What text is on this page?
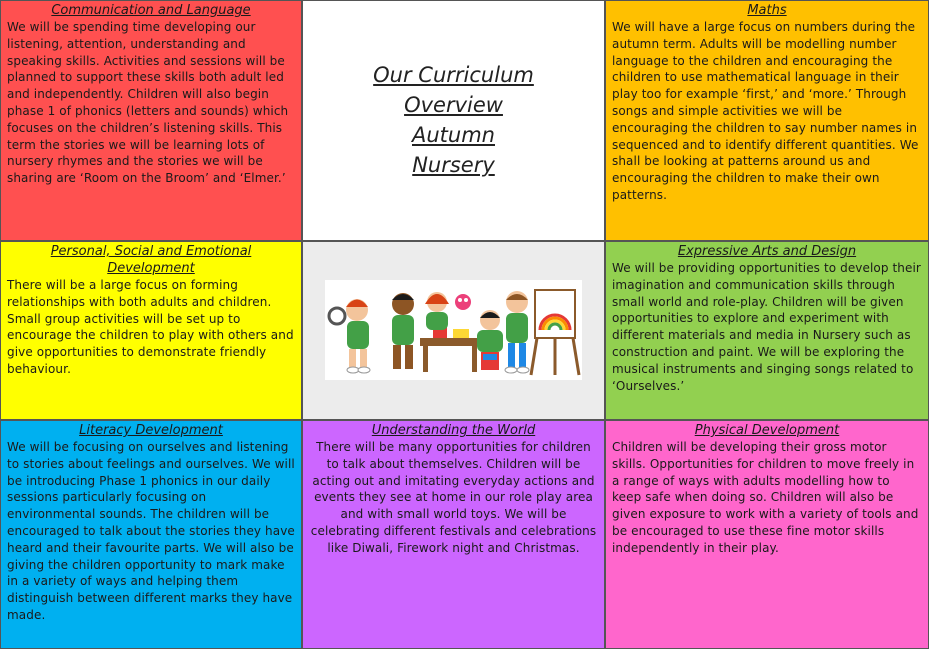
Communication and Language

We will be spending time developing our listening, attention, understanding and speaking skills. Activities and sessions will be planned to support these skills both adult led and independently. Children will also begin phase 1 of phonics (letters and sounds) which focuses on the children’s listening skills. This term the stories we will be learning lots of nursery rhymes and the stories we will be sharing are ‘Room on the Broom’ and ‘Elmer.’

Our Curriculum
Overview
Autumn
Nursery
Maths

We will have a large focus on numbers during the autumn term. Adults will be modelling number language to the children and encouraging the children to use mathematical language in their play too for example ‘first,’ and ‘more.’ Through songs and simple activities we will be encouraging the children to say number names in sequenced and to identify different quantities. We shall be looking at patterns around us and encouraging the children to make their own patterns.

Personal, Social and Emotional Development

There will be a large focus on forming relationships with both adults and children. Small group activities will be set up to encourage the children to play with others and give opportunities to demonstrate friendly behaviour.

Expressive Arts and Design

We will be providing opportunities to develop their imagination and communication skills through small world and role-play. Children will be given opportunities to explore and experiment with different materials and media in Nursery such as construction and paint. We will be exploring the musical instruments and singing songs related to ‘Ourselves.’

Literacy Development

We will be focusing on ourselves and listening to stories about feelings and ourselves. We will be introducing Phase 1 phonics in our daily sessions particularly focusing on environmental sounds. The children will be encouraged to talk about the stories they have heard and their favourite parts. We will also be giving the children opportunity to mark make in a variety of ways and helping them distinguish between different marks they have made.

Understanding the World

There will be many opportunities for children to talk about themselves. Children will be acting out and imitating everyday actions and events they see at home in our role play area and with small world toys. We will be celebrating different festivals and celebrations like Diwali, Firework night and Christmas.

Physical Development

Children will be developing their gross motor skills. Opportunities for children to move freely in a range of ways with adults modelling how to keep safe when doing so. Children will also be given exposure to work with a variety of tools and be encouraged to use these fine motor skills independently in their play.
